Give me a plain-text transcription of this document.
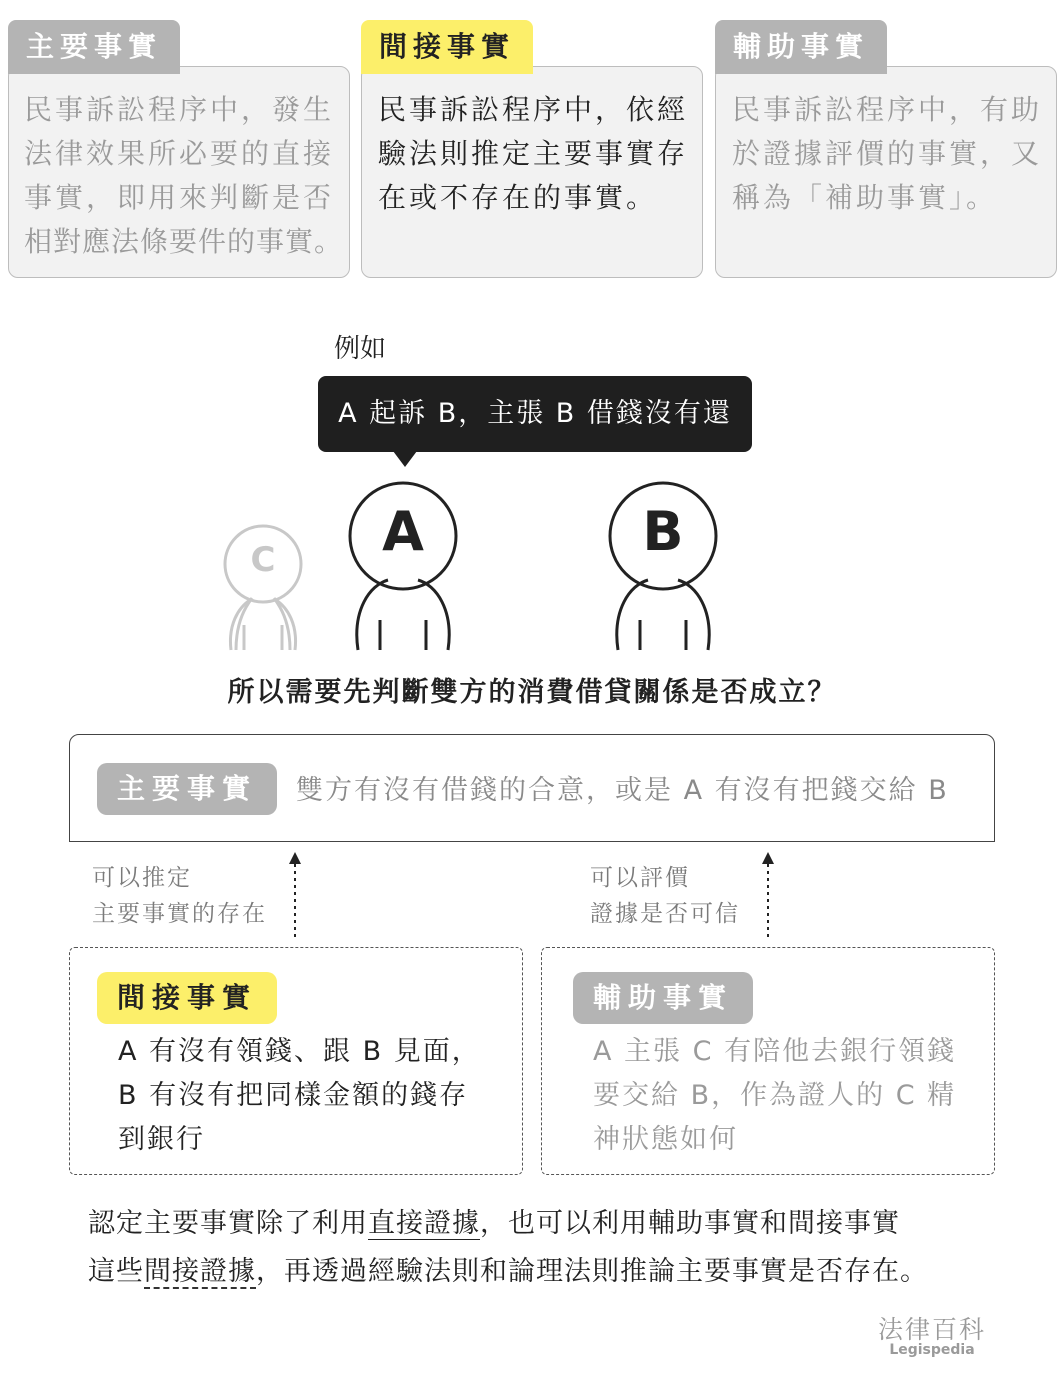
主要事實
民事訴訟程序中，發生
法律效果所必要的直接
事實，即用來判斷是否
相對應法條要件的事實。
間接事實
民事訴訟程序中，依經
驗法則推定主要事實存
在或不存在的事實。
輔助事實
民事訴訟程序中，有助
於證據評價的事實，又
稱為「補助事實」。
例如
A 起訴 B，主張 B 借錢沒有還
C A	B
所以需要先判斷雙方的消費借貸關係是否成立？
主要事實	雙方有沒有借錢的合意，或是 A 有沒有把錢交給 B
可以推定
主要事實的存在
可以評價
證據是否可信
間接事實
A 有沒有領錢、跟 B 見面，
B 有沒有把同樣金額的錢存
到銀行
輔助事實
A 主張 C 有陪他去銀行領錢
要交給 B，作為證人的 C 精
神狀態如何
認定主要事實除了利用直接證據，也可以利用輔助事實和間接事實
這些間接證據，再透過經驗法則和論理法則推論主要事實是否存在。
法律百科
Legispedia
